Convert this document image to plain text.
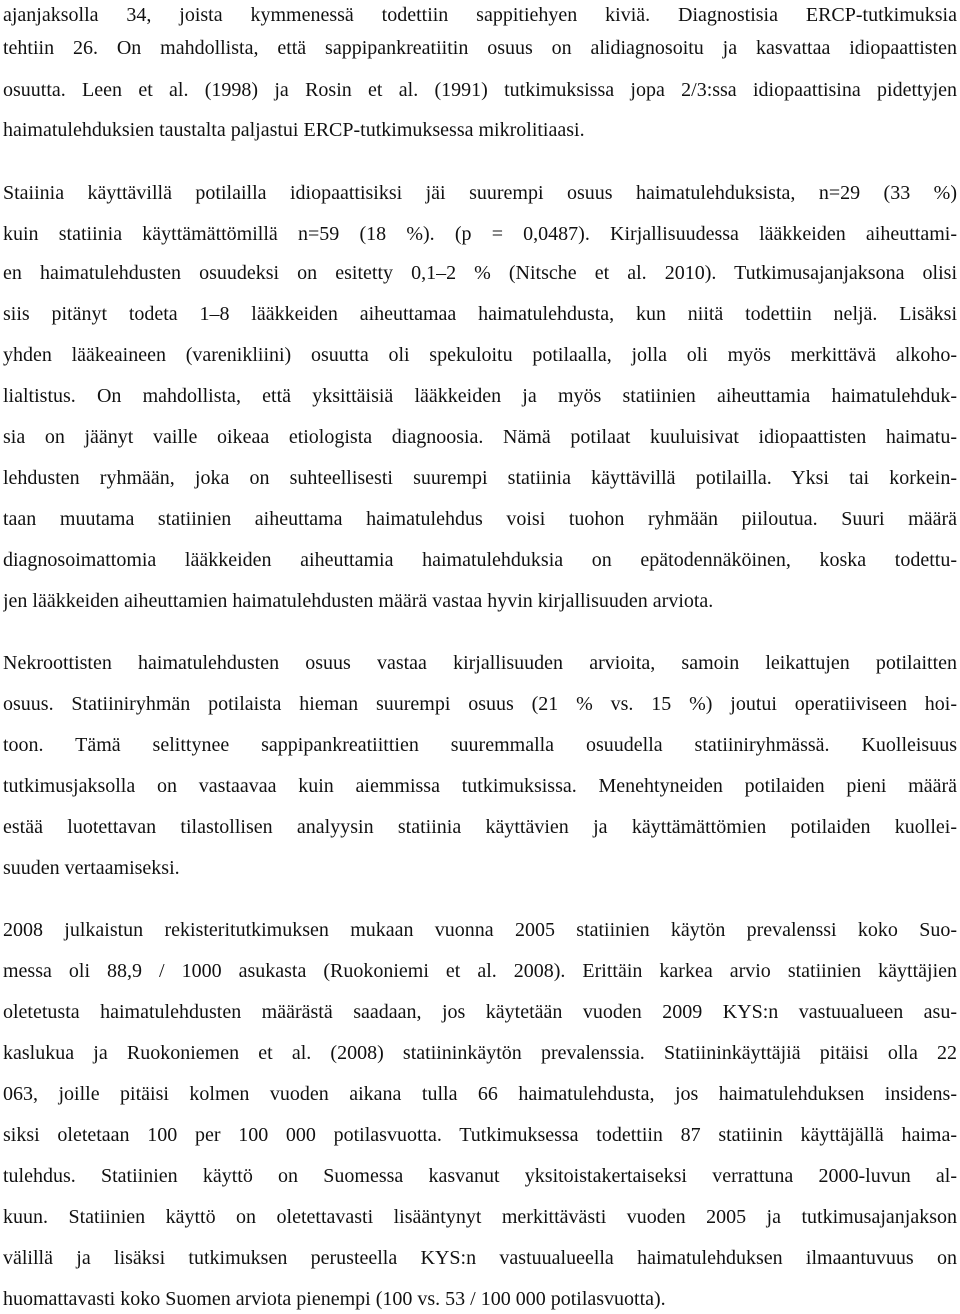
ajanjaksolla 34, joista kymmenessä todettiin sappitiehyen kiviä. Diagnostisia ERCP-tutkimuksia
tehtiin 26. On mahdollista, että sappipankreatiitin osuus on alidiagnosoitu ja kasvattaa idiopaattisten
osuutta. Leen et al. (1998) ja Rosin et al. (1991) tutkimuksissa jopa 2/3:ssa idiopaattisina pidettyjen
haimatulehduksien taustalta paljastui ERCP-tutkimuksessa mikrolitiaasi.
Staiinia käyttävillä potilailla idiopaattisiksi jäi suurempi osuus haimatulehduksista, n=29 (33 %)
kuin statiinia käyttämättömillä n=59 (18 %). (p = 0,0487). Kirjallisuudessa lääkkeiden aiheuttami-
en haimatulehdusten osuudeksi on esitetty 0,1–2 % (Nitsche et al. 2010). Tutkimusajanjaksona olisi
siis pitänyt todeta 1–8 lääkkeiden aiheuttamaa haimatulehdusta, kun niitä todettiin neljä. Lisäksi
yhden lääkeaineen (varenikliini) osuutta oli spekuloitu potilaalla, jolla oli myös merkittävä alkoho-
lialtistus. On mahdollista, että yksittäisiä lääkkeiden ja myös statiinien aiheuttamia haimatulehduk-
sia on jäänyt vaille oikeaa etiologista diagnoosia. Nämä potilaat kuuluisivat idiopaattisten haimatu-
lehdusten ryhmään, joka on suhteellisesti suurempi statiinia käyttävillä potilailla. Yksi tai korkein-
taan muutama statiinien aiheuttama haimatulehdus voisi tuohon ryhmään piiloutua. Suuri määrä
diagnosoimattomia lääkkeiden aiheuttamia haimatulehduksia on epätodennäköinen, koska todettu-
jen lääkkeiden aiheuttamien haimatulehdusten määrä vastaa hyvin kirjallisuuden arviota.
Nekroottisten haimatulehdusten osuus vastaa kirjallisuuden arvioita, samoin leikattujen potilaitten
osuus. Statiiniryhmän potilaista hieman suurempi osuus (21 % vs. 15 %) joutui operatiiviseen hoi-
toon. Tämä selittynee sappipankreatiittien suuremmalla osuudella statiiniryhmässä. Kuolleisuus
tutkimusjaksolla on vastaavaa kuin aiemmissa tutkimuksissa. Menehtyneiden potilaiden pieni määrä
estää luotettavan tilastollisen analyysin statiinia käyttävien ja käyttämättömien potilaiden kuollei-
suuden vertaamiseksi.
2008 julkaistun rekisteritutkimuksen mukaan vuonna 2005 statiinien käytön prevalenssi koko Suo-
messa oli 88,9 / 1000 asukasta (Ruokoniemi et al. 2008). Erittäin karkea arvio statiinien käyttäjien
oletetusta haimatulehdusten määrästä saadaan, jos käytetään vuoden 2009 KYS:n vastuualueen asu-
kaslukua ja Ruokoniemen et al. (2008) statiininkäytön prevalenssia. Statiininkäyttäjiä pitäisi olla 22
063, joille pitäisi kolmen vuoden aikana tulla 66 haimatulehdusta, jos haimatulehduksen insidens-
siksi oletetaan 100 per 100 000 potilasvuotta. Tutkimuksessa todettiin 87 statiinin käyttäjällä haima-
tulehdus. Statiinien käyttö on Suomessa kasvanut yksitoistakertaiseksi verrattuna 2000-luvun al-
kuun. Statiinien käyttö on oletettavasti lisääntynyt merkittävästi vuoden 2005 ja tutkimusajanjakson
välillä ja lisäksi tutkimuksen perusteella KYS:n vastuualueella haimatulehduksen ilmaantuvuus on
huomattavasti koko Suomen arviota pienempi (100 vs. 53 / 100 000 potilasvuotta).
